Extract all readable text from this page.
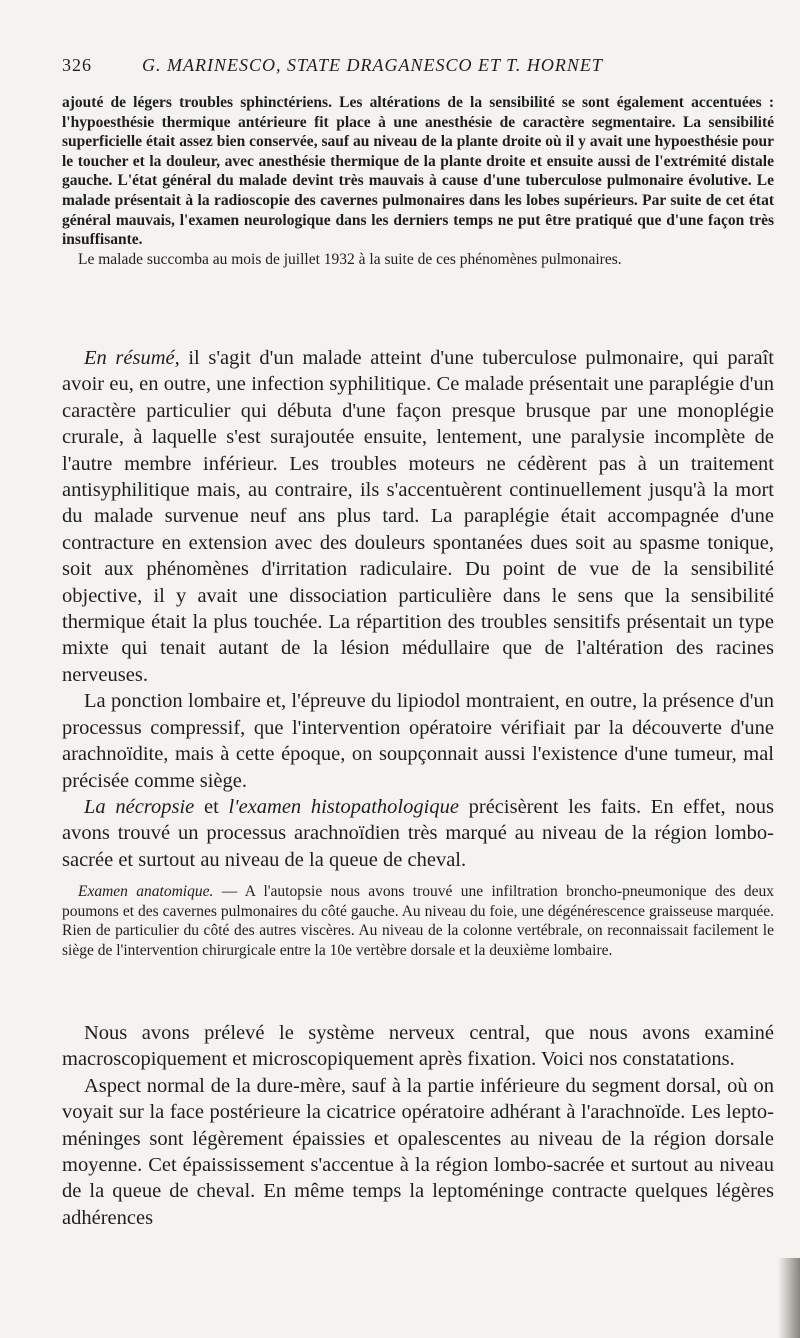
326	G. MARINESCO, STATE DRAGANESCO ET T. HORNET

ajouté de légers troubles sphinctériens. Les altérations de la sensibilité se sont également accentuées : l'hypoesthésie thermique antérieure fit place à une anesthésie de caractère segmentaire. La sensibilité superficielle était assez bien conservée, sauf au niveau de la plante droite où il y avait une hypoesthésie pour le toucher et la douleur, avec anesthésie thermique de la plante droite et ensuite aussi de l'extrémité distale gauche. L'état général du malade devint très mauvais à cause d'une tuberculose pulmonaire évolutive. Le malade présentait à la radioscopie des cavernes pulmonaires dans les lobes supérieurs. Par suite de cet état général mauvais, l'examen neurologique dans les derniers temps ne put être pratiqué que d'une façon très insuffisante.

Le malade succomba au mois de juillet 1932 à la suite de ces phénomènes pulmonaires.

En résumé, il s'agit d'un malade atteint d'une tuberculose pulmonaire, qui paraît avoir eu, en outre, une infection syphilitique. Ce malade présentait une paraplégie d'un caractère particulier qui débuta d'une façon presque brusque par une monoplégie crurale, à laquelle s'est surajoutée ensuite, lentement, une paralysie incomplète de l'autre membre inférieur. Les troubles moteurs ne cédèrent pas à un traitement antisyphilitique mais, au contraire, ils s'accentuèrent continuellement jusqu'à la mort du malade survenue neuf ans plus tard. La paraplégie était accompagnée d'une contracture en extension avec des douleurs spontanées dues soit au spasme tonique, soit aux phénomènes d'irritation radiculaire. Du point de vue de la sensibilité objective, il y avait une dissociation particulière dans le sens que la sensibilité thermique était la plus touchée. La répartition des troubles sensitifs présentait un type mixte qui tenait autant de la lésion médullaire que de l'altération des racines nerveuses.

La ponction lombaire et, l'épreuve du lipiodol montraient, en outre, la présence d'un processus compressif, que l'intervention opératoire vérifiait par la découverte d'une arachnoïdite, mais à cette époque, on soupçonnait aussi l'existence d'une tumeur, mal précisée comme siège.

La nécropsie et l'examen histopathologique précisèrent les faits. En effet, nous avons trouvé un processus arachnoïdien très marqué au niveau de la région lombo-sacrée et surtout au niveau de la queue de cheval.

Examen anatomique. — A l'autopsie nous avons trouvé une infiltration broncho-pneumonique des deux poumons et des cavernes pulmonaires du côté gauche. Au niveau du foie, une dégénérescence graisseuse marquée. Rien de particulier du côté des autres viscères. Au niveau de la colonne vertébrale, on reconnaissait facilement le siège de l'intervention chirurgicale entre la 10e vertèbre dorsale et la deuxième lombaire.

Nous avons prélevé le système nerveux central, que nous avons examiné macroscopiquement et microscopiquement après fixation. Voici nos constatations.

Aspect normal de la dure-mère, sauf à la partie inférieure du segment dorsal, où on voyait sur la face postérieure la cicatrice opératoire adhérant à l'arachnoïde. Les lepto-méninges sont légèrement épaissies et opalescentes au niveau de la région dorsale moyenne. Cet épaississement s'accentue à la région lombo-sacrée et surtout au niveau de la queue de cheval. En même temps la leptoméninge contracte quelques légères adhérences
